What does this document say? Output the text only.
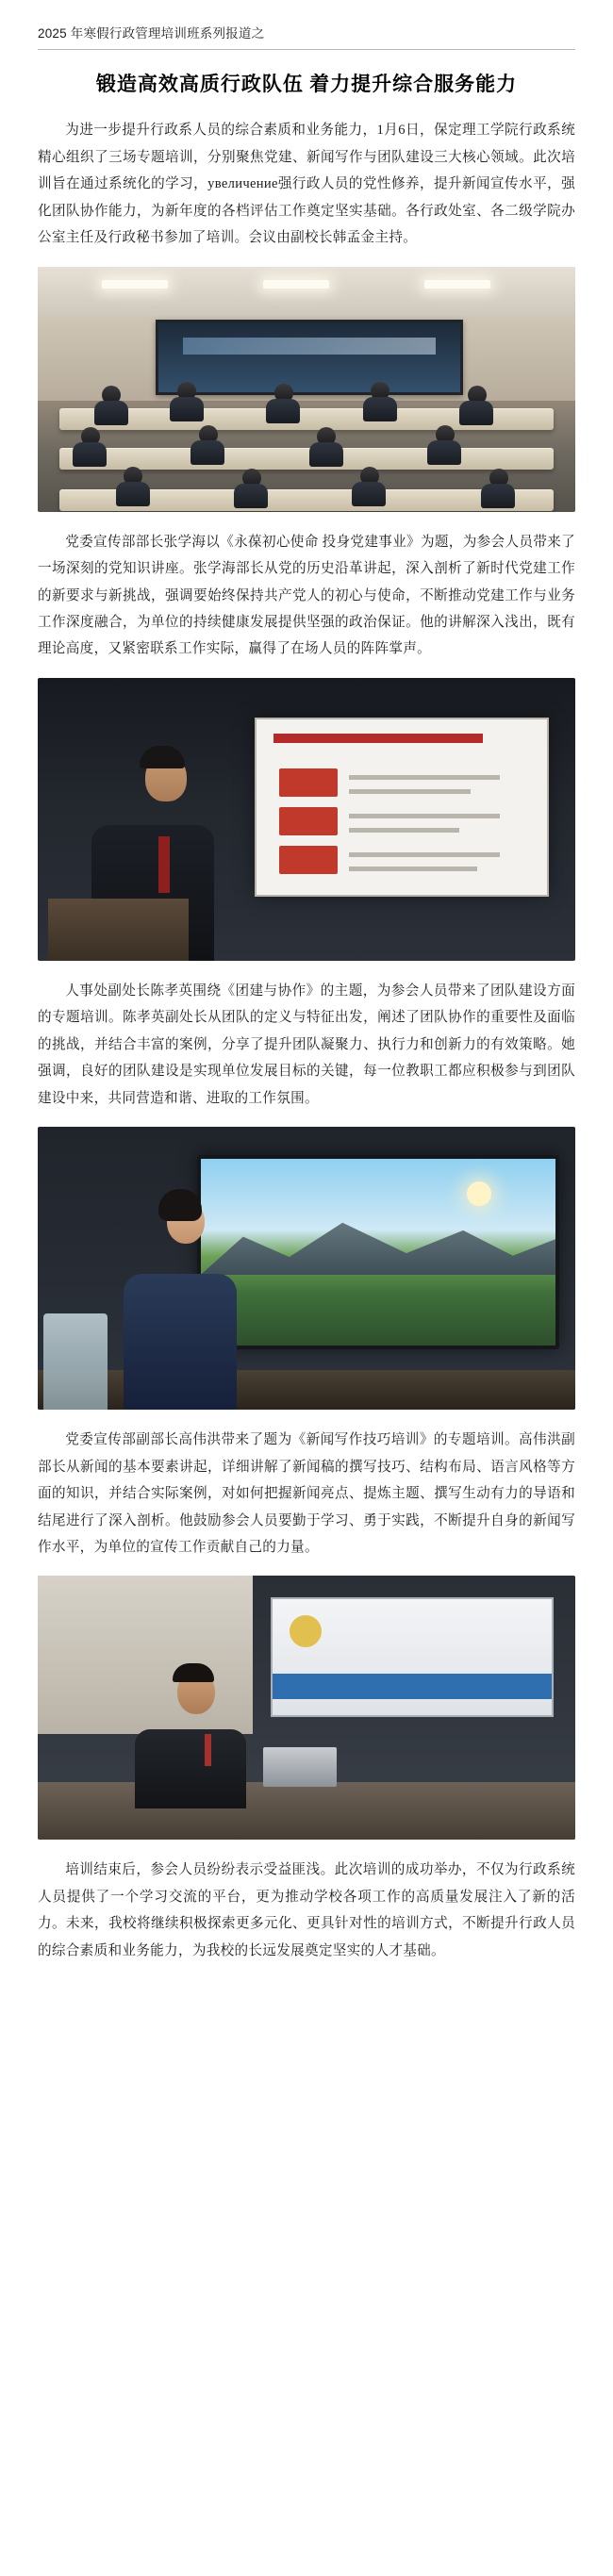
2025 年寒假行政管理培训班系列报道之
锻造高效高质行政队伍 着力提升综合服务能力

为进一步提升行政系人员的综合素质和业务能力，1月6日，保定理工学院行政系统精心组织了三场专题培训，分别聚焦党建、新闻写作与团队建设三大核心领域。此次培训旨在通过系统化的学习，увеличение强行政人员的党性修养，提升新闻宣传水平，强化团队协作能力，为新年度的各档评估工作奠定坚实基础。各行政处室、各二级学院办公室主任及行政秘书参加了培训。会议由副校长韩孟金主持。

党委宣传部部长张学海以《永葆初心使命 投身党建事业》为题，为参会人员带来了一场深刻的党知识讲座。张学海部长从党的历史沿革讲起，深入剖析了新时代党建工作的新要求与新挑战，强调要始终保持共产党人的初心与使命，不断推动党建工作与业务工作深度融合，为单位的持续健康发展提供坚强的政治保证。他的讲解深入浅出，既有理论高度，又紧密联系工作实际，赢得了在场人员的阵阵掌声。

人事处副处长陈孝英围绕《团建与协作》的主题，为参会人员带来了团队建设方面的专题培训。陈孝英副处长从团队的定义与特征出发，阐述了团队协作的重要性及面临的挑战，并结合丰富的案例，分享了提升团队凝聚力、执行力和创新力的有效策略。她强调，良好的团队建设是实现单位发展目标的关键，每一位教职工都应积极参与到团队建设中来，共同营造和谐、进取的工作氛围。

党委宣传部副部长高伟洪带来了题为《新闻写作技巧培训》的专题培训。高伟洪副部长从新闻的基本要素讲起，详细讲解了新闻稿的撰写技巧、结构布局、语言风格等方面的知识，并结合实际案例，对如何把握新闻亮点、提炼主题、撰写生动有力的导语和结尾进行了深入剖析。他鼓励参会人员要勤于学习、勇于实践，不断提升自身的新闻写作水平，为单位的宣传工作贡献自己的力量。

培训结束后，参会人员纷纷表示受益匪浅。此次培训的成功举办，不仅为行政系统人员提供了一个学习交流的平台，更为推动学校各项工作的高质量发展注入了新的活力。未来，我校将继续积极探索更多元化、更具针对性的培训方式，不断提升行政人员的综合素质和业务能力，为我校的长远发展奠定坚实的人才基础。
